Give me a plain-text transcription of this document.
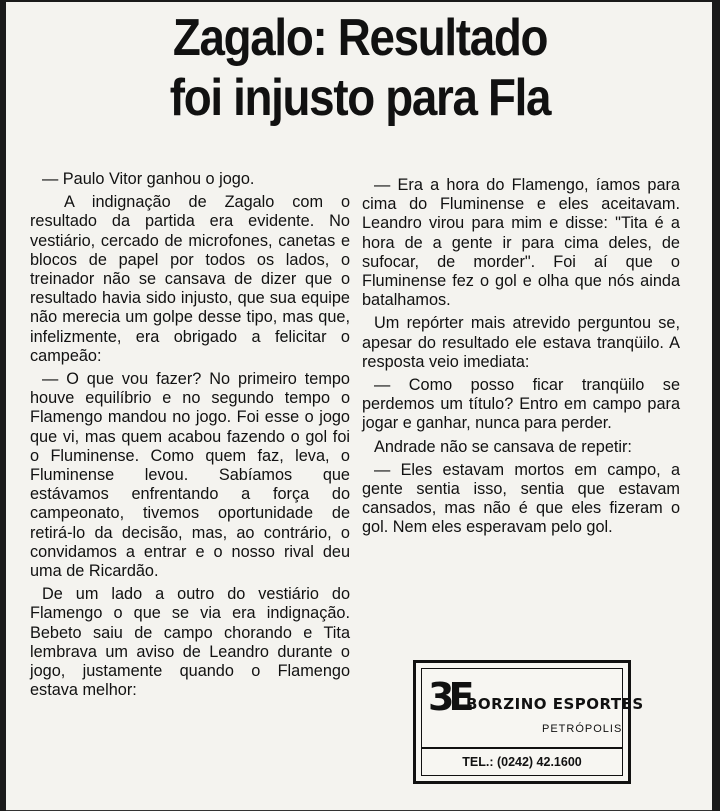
Zagalo: Resultado
foi injusto para Fla

— Paulo Vitor ganhou o jogo.

A indignação de Zagalo com o resultado da partida era evidente. No vestiário, cercado de microfones, canetas e blocos de papel por todos os lados, o treinador não se cansava de dizer que o resultado havia sido injusto, que sua equipe não merecia um golpe desse tipo, mas que, infelizmente, era obrigado a felicitar o campeão:

— O que vou fazer? No primeiro tempo houve equilíbrio e no segundo tempo o Flamengo mandou no jogo. Foi esse o jogo que vi, mas quem acabou fazendo o gol foi o Fluminense. Como quem faz, leva, o Fluminense levou. Sabíamos que estávamos enfrentando a força do campeonato, tivemos oportunidade de retirá-lo da decisão, mas, ao contrário, o convidamos a entrar e o nosso rival deu uma de Ricardão.

De um lado a outro do vestiário do Flamengo o que se via era indignação. Bebeto saiu de campo chorando e Tita lembrava um aviso de Leandro durante o jogo, justamente quando o Flamengo estava melhor:

— Era a hora do Flamengo, íamos para cima do Fluminense e eles aceitavam. Leandro virou para mim e disse: "Tita é a hora de a gente ir para cima deles, de sufocar, de morder". Foi aí que o Fluminense fez o gol e olha que nós ainda batalhamos.

Um repórter mais atrevido perguntou se, apesar do resultado ele estava tranqüilo. A resposta veio imediata:

— Como posso ficar tranqüilo se perdemos um título? Entro em campo para jogar e ganhar, nunca para perder.

Andrade não se cansava de repetir:

— Eles estavam mortos em campo, a gente sentia isso, sentia que estavam cansados, mas não é que eles fizeram o gol. Nem eles esperavam pelo gol.

3E
BORZINO ESPORTES
PETRÓPOLIS
TEL.: (0242) 42.1600
